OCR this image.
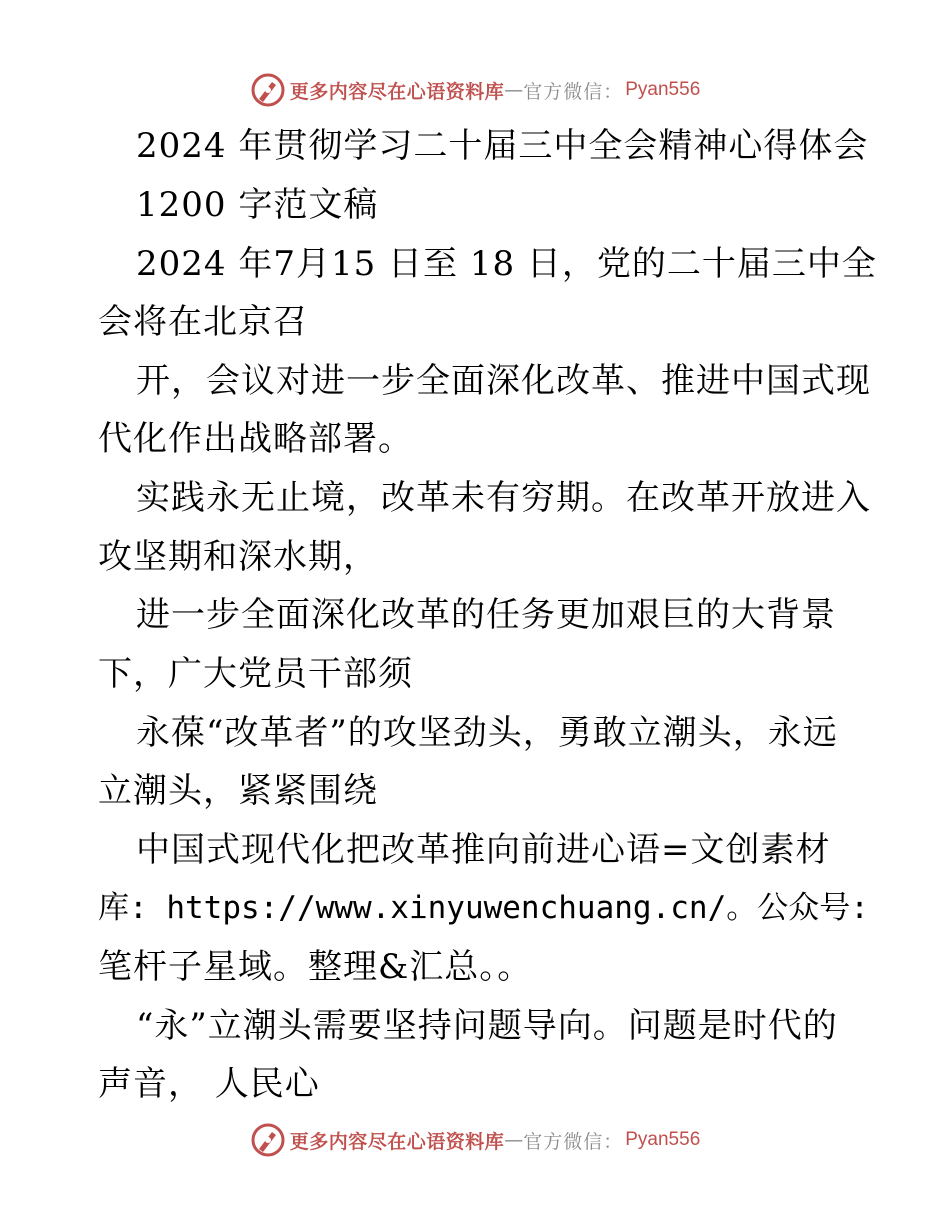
更多内容尽在心语资料库 — 官方微信： Pyan556
2024 年贯彻学习二十届三中全会精神心得体会
1200 字范文稿
2024 年7月15 日至 18 日，党的二十届三中全
会将在北京召
开，会议对进一步全面深化改革、推进中国式现
代化作出战略部署。
实践永无止境，改革未有穷期。在改革开放进入
攻坚期和深水期，
进一步全面深化改革的任务更加艰巨的大背景
下，广大党员干部须
永葆“改革者”的攻坚劲头，勇敢立潮头，永远
立潮头，紧紧围绕
中国式现代化把改革推向前进心语=文创素材
库: https://www.xinyuwenchuang.cn/。公众号:
笔杆子星域。整理&汇总。。
“永”立潮头需要坚持问题导向。问题是时代的
声音， 人民心
更多内容尽在心语资料库 — 官方微信： Pyan556
